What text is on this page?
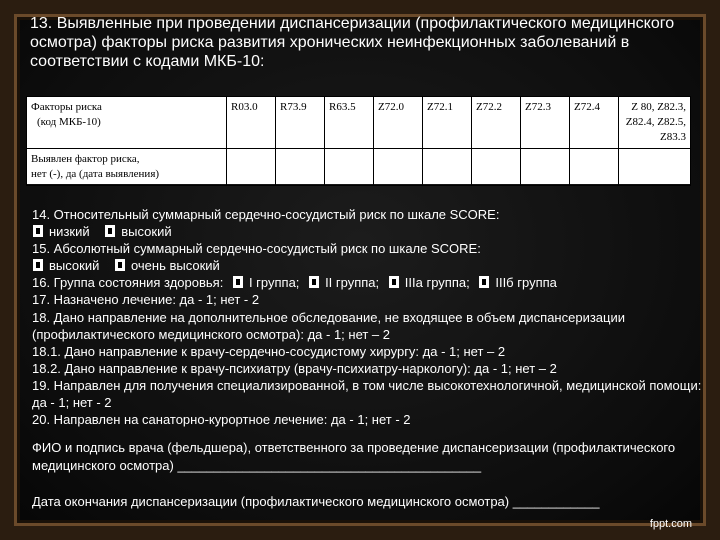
13. Выявленные при проведении диспансеризации (профилактического медицинского осмотра) факторы риска развития хронических неинфекционных заболеваний в соответствии с кодами МКБ-10:
Факторы риска
(код МКБ-10)	R03.0	R73.9	R63.5	Z72.0	Z72.1	Z72.2	Z72.3	Z72.4	Z 80, Z82.3, Z82.4, Z82.5, Z83.3

Выявлен фактор риска,
нет (-), да (дата выявления)									

14. Относительный суммарный сердечно-сосудистый риск по шкале SCORE:
низкий высокий
15. Абсолютный суммарный сердечно-сосудистый риск по шкале SCORE:
высокий очень высокий
16. Группа состояния здоровья: I группа; II группа; IIIа группа; IIIб группа
17. Назначено лечение: да - 1; нет - 2
18. Дано направление на дополнительное обследование, не входящее в объем диспансеризации (профилактического медицинского осмотра): да - 1; нет – 2
18.1. Дано направление к врачу-сердечно-сосудистому хирургу: да - 1; нет – 2
18.2. Дано направление к врачу-психиатру (врачу-психиатру-наркологу): да - 1; нет – 2
19. Направлен для получения специализированной, в том числе высокотехнологичной, медицинской помощи: да - 1; нет - 2
20. Направлен на санаторно-курортное лечение: да - 1; нет - 2
ФИО и подпись врача (фельдшера), ответственного за проведение диспансеризации (профилактического медицинского осмотра) __________________________________________
Дата окончания диспансеризации (профилактического медицинского осмотра) ____________
fppt.com
